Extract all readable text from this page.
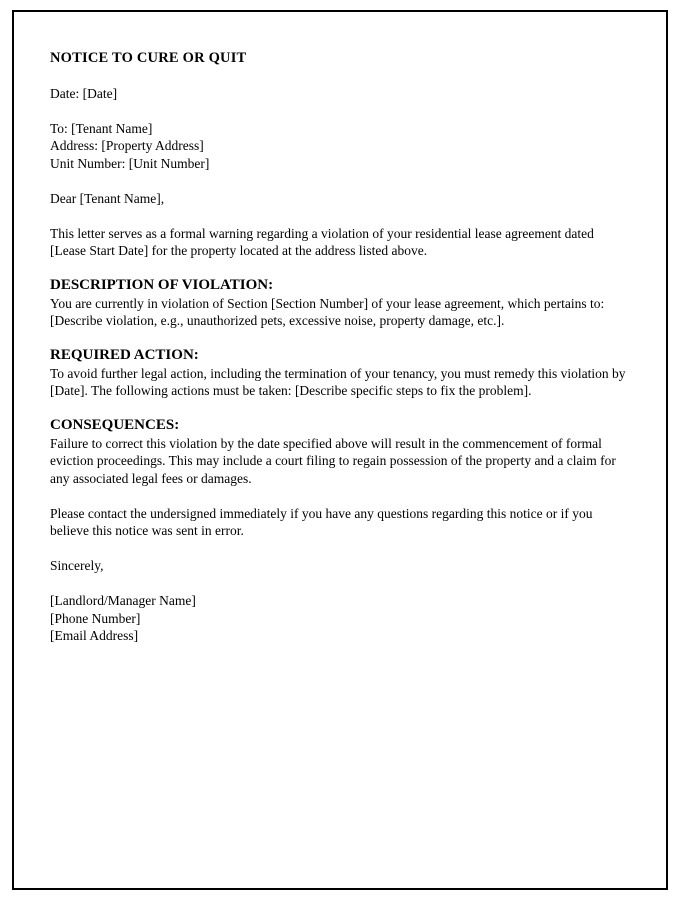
NOTICE TO CURE OR QUIT

Date: [Date]

To: [Tenant Name]
Address: [Property Address]
Unit Number: [Unit Number]

Dear [Tenant Name],

This letter serves as a formal warning regarding a violation of your residential lease agreement dated [Lease Start Date] for the property located at the address listed above.

DESCRIPTION OF VIOLATION:

You are currently in violation of Section [Section Number] of your lease agreement, which pertains to: [Describe violation, e.g., unauthorized pets, excessive noise, property damage, etc.].

REQUIRED ACTION:

To avoid further legal action, including the termination of your tenancy, you must remedy this violation by [Date]. The following actions must be taken: [Describe specific steps to fix the problem].

CONSEQUENCES:

Failure to correct this violation by the date specified above will result in the commencement of formal eviction proceedings. This may include a court filing to regain possession of the property and a claim for any associated legal fees or damages.

Please contact the undersigned immediately if you have any questions regarding this notice or if you believe this notice was sent in error.

Sincerely,

[Landlord/Manager Name]
[Phone Number]
[Email Address]
